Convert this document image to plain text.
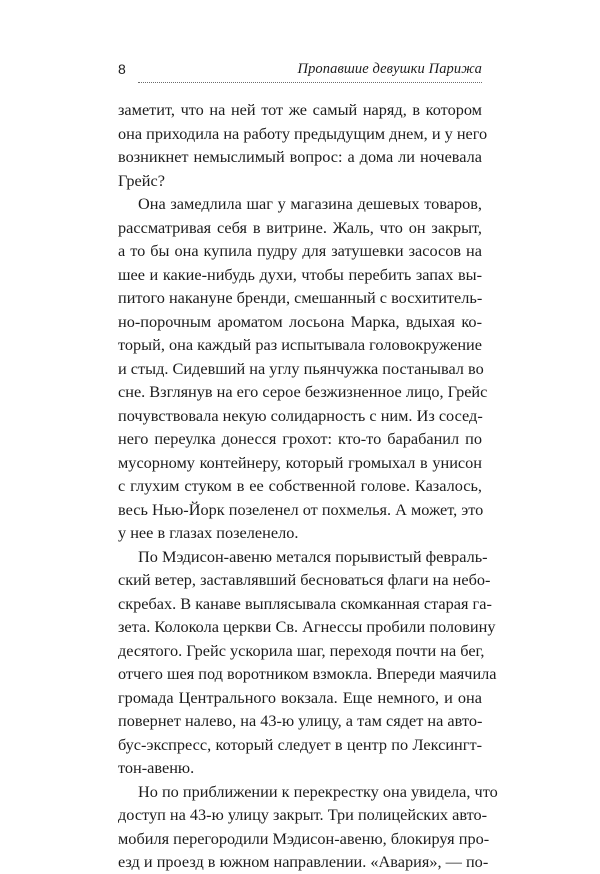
8	Пропавшие девушки Парижа

заметит, что на ней тот же самый наряд, в котором
она приходила на работу предыдущим днем, и у него
возникнет немыслимый вопрос: а дома ли ночевала
Грейс?

Она замедлила шаг у магазина дешевых товаров,
рассматривая себя в витрине. Жаль, что он закрыт,
а то бы она купила пудру для затушевки засосов на
шее и какие-нибудь духи, чтобы перебить запах вы-
питого накануне бренди, смешанный с восхититель-
но-порочным ароматом лосьона Марка, вдыхая ко-
торый, она каждый раз испытывала головокружение
и стыд. Сидевший на углу пьянчужка постанывал во
сне. Взглянув на его серое безжизненное лицо, Грейс
почувствовала некую солидарность с ним. Из сосед-
него переулка донесся грохот: кто-то барабанил по
мусорному контейнеру, который громыхал в унисон
с глухим стуком в ее собственной голове. Казалось,
весь Нью-Йорк позеленел от похмелья. А может, это
у нее в глазах позеленело.

По Мэдисон-авеню метался порывистый февраль-
ский ветер, заставлявший бесноваться флаги на небо-
скребах. В канаве выплясывала скомканная старая га-
зета. Колокола церкви Св. Агнессы пробили половину
десятого. Грейс ускорила шаг, переходя почти на бег,
отчего шея под воротником взмокла. Впереди маячила
громада Центрального вокзала. Еще немного, и она
повернет налево, на 43-ю улицу, а там сядет на авто-
бус-экспресс, который следует в центр по Лексингт-
тон-авеню.

Но по приближении к перекрестку она увидела, что
доступ на 43-ю улицу закрыт. Три полицейских авто-
мобиля перегородили Мэдисон-авеню, блокируя про-
езд и проезд в южном направлении. «Авария», — по-
